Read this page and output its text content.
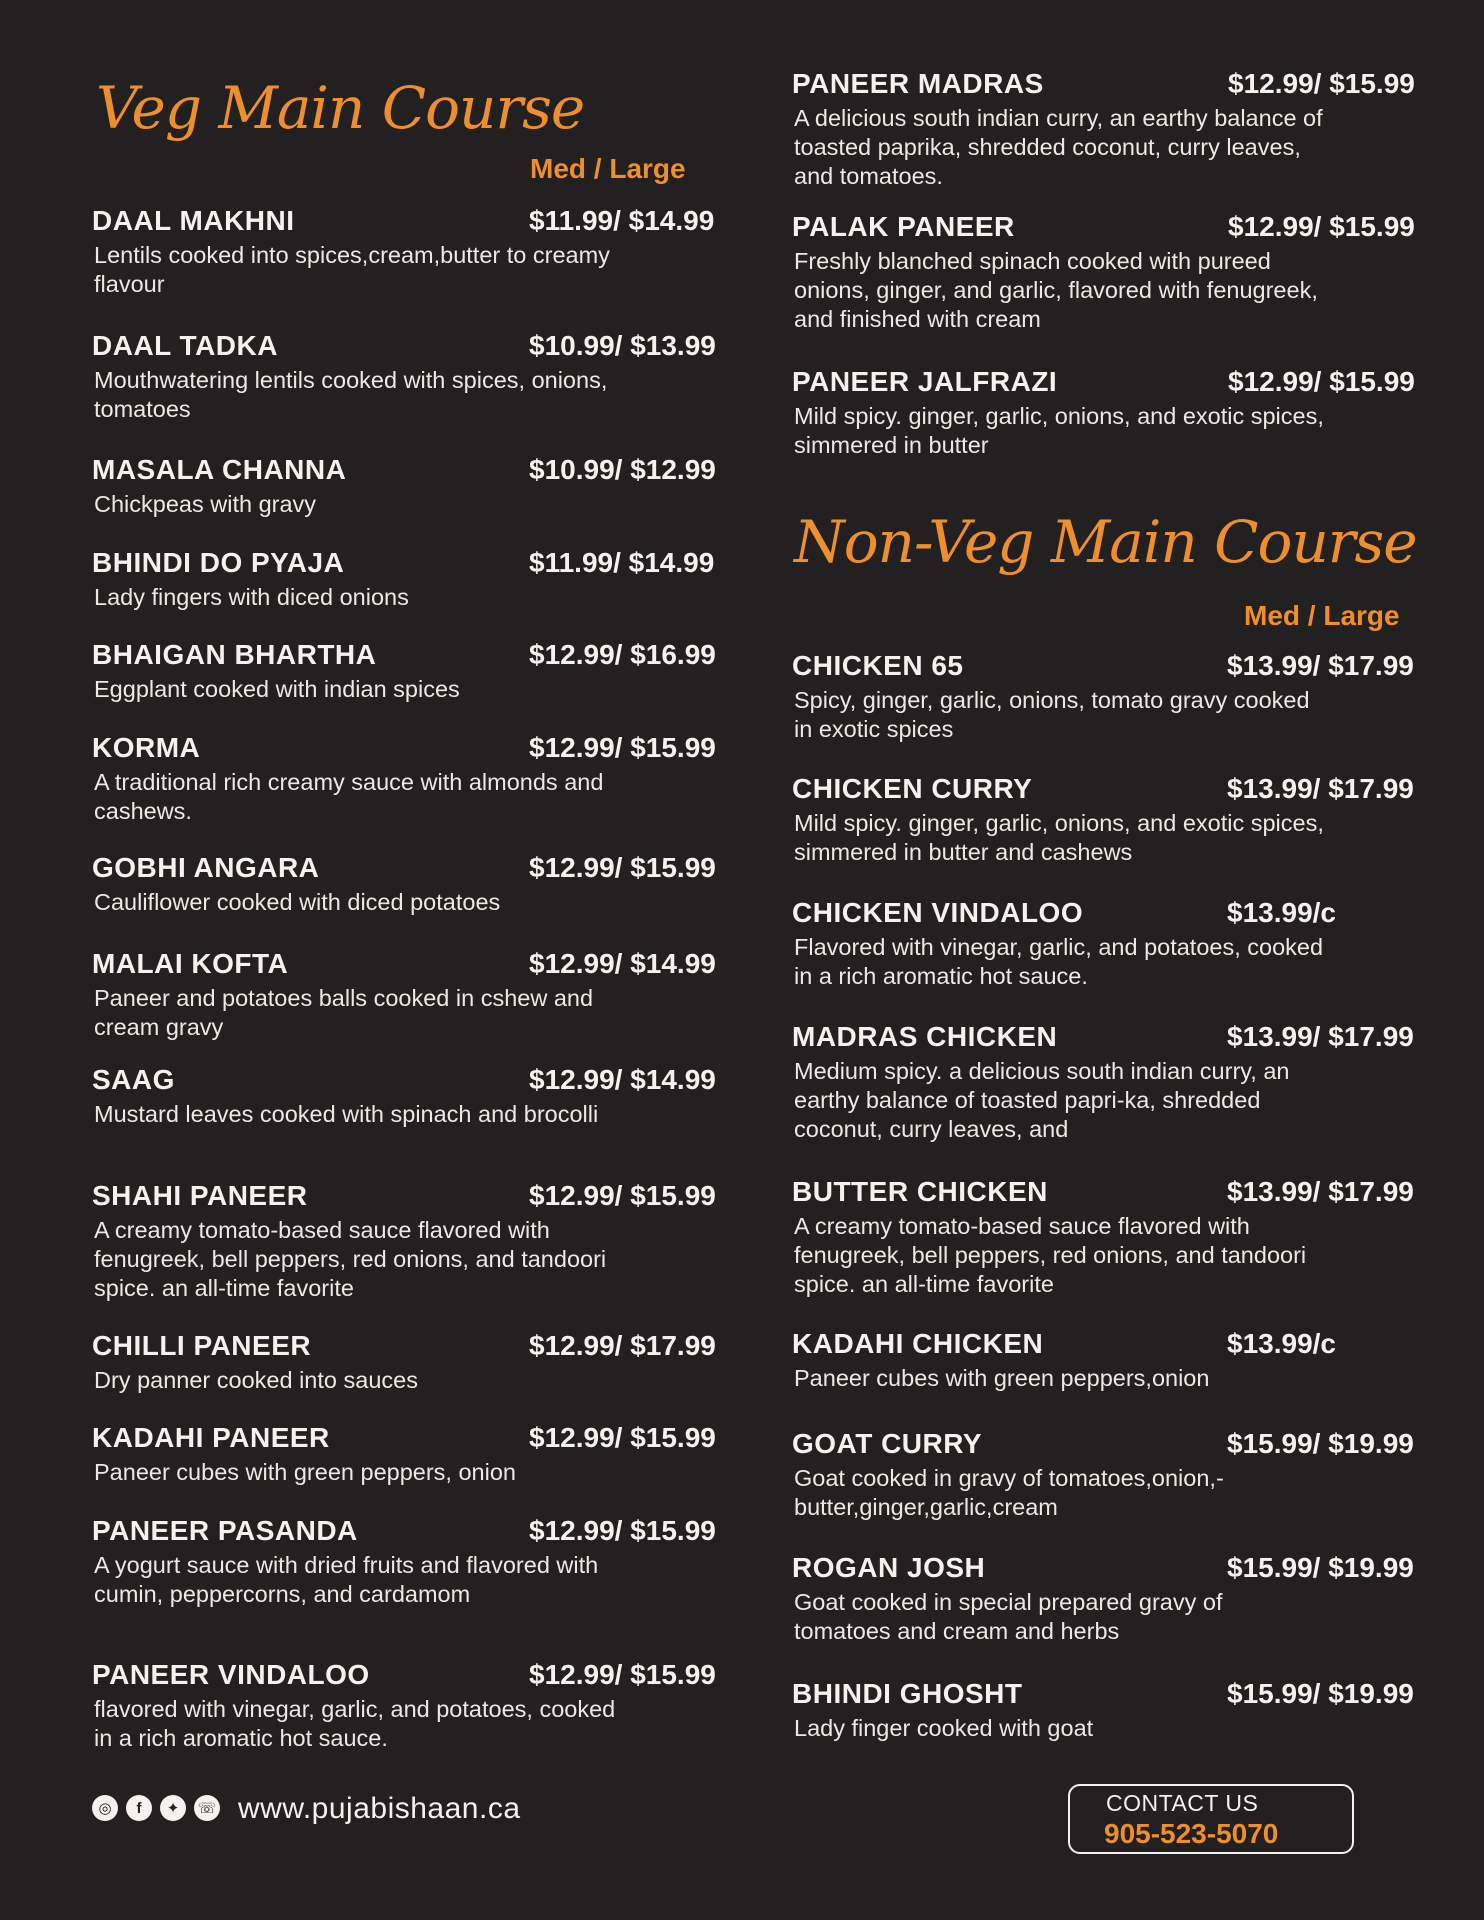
Veg Main Course
Med / Large
DAAL MAKHNI	$11.99/ $14.99
Lentils cooked into spices,cream,butter to creamy flavour
DAAL TADKA	$10.99/ $13.99
Mouthwatering lentils cooked with spices, onions, tomatoes
MASALA CHANNA	$10.99/ $12.99
Chickpeas with gravy
BHINDI DO PYAJA	$11.99/ $14.99
Lady fingers with diced onions
BHAIGAN BHARTHA	$12.99/ $16.99
Eggplant cooked with indian spices
KORMA	$12.99/ $15.99
A traditional rich creamy sauce with almonds and cashews.
GOBHI ANGARA	$12.99/ $15.99
Cauliflower cooked with diced potatoes
MALAI KOFTA	$12.99/ $14.99
Paneer and potatoes balls cooked in cshew and cream gravy
SAAG	$12.99/ $14.99
Mustard leaves cooked with spinach and brocolli
SHAHI PANEER	$12.99/ $15.99
A creamy tomato-based sauce flavored with fenugreek, bell peppers, red onions, and tandoori spice. an all-time favorite
CHILLI PANEER	$12.99/ $17.99
Dry panner cooked into sauces
KADAHI PANEER	$12.99/ $15.99
Paneer cubes with green peppers, onion
PANEER PASANDA	$12.99/ $15.99
A yogurt sauce with dried fruits and flavored with cumin, peppercorns, and cardamom
PANEER VINDALOO	$12.99/ $15.99
flavored with vinegar, garlic, and potatoes, cooked in a rich aromatic hot sauce.
PANEER MADRAS	$12.99/ $15.99
A delicious south indian curry, an earthy balance of toasted paprika, shredded coconut, curry leaves, and tomatoes.
PALAK PANEER	$12.99/ $15.99
Freshly blanched spinach cooked with pureed onions, ginger, and garlic, flavored with fenugreek, and finished with cream
PANEER JALFRAZI	$12.99/ $15.99
Mild spicy. ginger, garlic, onions, and exotic spices, simmered in butter
Non-Veg Main Course
Med / Large
CHICKEN 65	$13.99/ $17.99
Spicy, ginger, garlic, onions, tomato gravy cooked in exotic spices
CHICKEN CURRY	$13.99/ $17.99
Mild spicy. ginger, garlic, onions, and exotic spices, simmered in butter and cashews
CHICKEN VINDALOO	$13.99/c
Flavored with vinegar, garlic, and potatoes, cooked in a rich aromatic hot sauce.
MADRAS CHICKEN	$13.99/ $17.99
Medium spicy. a delicious south indian curry, an earthy balance of toasted papri-ka, shredded coconut, curry leaves, and
BUTTER CHICKEN	$13.99/ $17.99
A creamy tomato-based sauce flavored with fenugreek, bell peppers, red onions, and tandoori spice. an all-time favorite
KADAHI CHICKEN	$13.99/c
Paneer cubes with green peppers,onion
GOAT CURRY	$15.99/ $19.99
Goat cooked in gravy of tomatoes,onion,-butter,ginger,garlic,cream
ROGAN JOSH	$15.99/ $19.99
Goat cooked in special prepared gravy of tomatoes and cream and herbs
BHINDI GHOSHT	$15.99/ $19.99
Lady finger cooked with goat
◎	f	✦	☏ www.pujabishaan.ca	CONTACT US
905-523-5070
